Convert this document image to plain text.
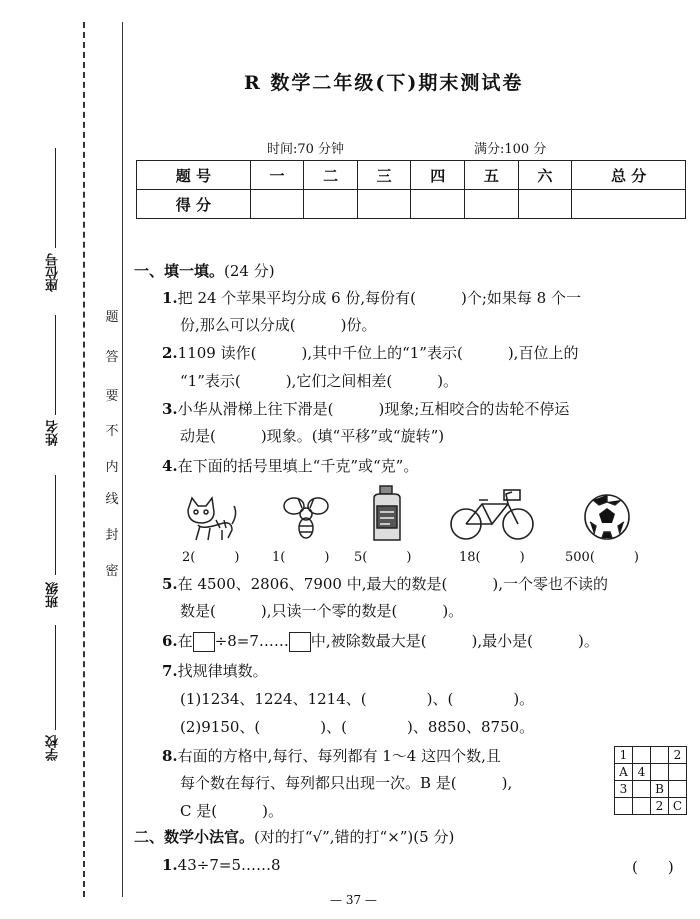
题
答
要
不
内
线
封
密
座位号
姓名
班级
学校
R 数学二年级(下)期末测试卷
时间:70 分钟	满分:100 分
题 号	一	二	三	四	五	六	总 分
得 分							
一、填一填。(24 分)
1.把 24 个苹果平均分成 6 份,每份有(　　　)个;如果每 8 个一
份,那么可以分成(　　　)份。
2.1109 读作(　　　),其中千位上的“1”表示(　　　),百位上的
“1”表示(　　　),它们之间相差(　　　)。
3.小华从滑梯上往下滑是(　　　)现象;互相咬合的齿轮不停运
动是(　　　)现象。(填“平移”或“旋转”)
4.在下面的括号里填上“千克”或“克”。
2(　　　)	1(　　　) 5(　　　)	18(　　　)	500(　　　)
5.在 4500、2806、7900 中,最大的数是(　　　),一个零也不读的
数是(　　　),只读一个零的数是(　　　)。
6.在 ÷8=7…… 中,被除数最大是(　　　),最小是(　　　)。
7.找规律填数。
(1)1234、1224、1214、(　　　　)、(　　　　)。
(2)9150、(　　　　)、(　　　　)、8850、8750。
8.右面的方格中,每行、每列都有 1～4 这四个数,且
每个数在每行、每列都只出现一次。B 是(　　　),
C 是(　　　)。
1			2
A	4		
3		B	
		2	C
二、数学小法官。(对的打“√”,错的打“×”)(5 分)
1.43÷7=5……8	(　　)
— 37 —
